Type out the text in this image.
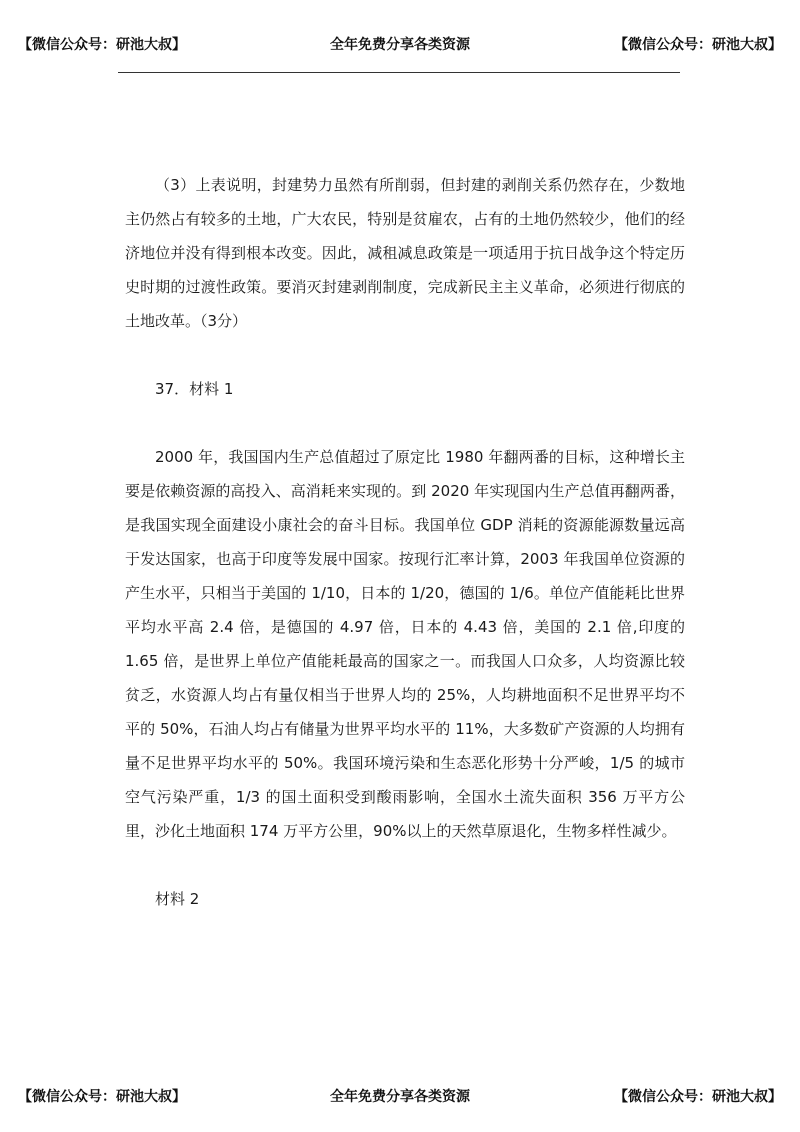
【微信公众号：研池大叔】	全年免费分享各类资源	【微信公众号：研池大叔】

（3）上表说明，封建势力虽然有所削弱，但封建的剥削关系仍然存在，少数地主仍然占有较多的土地，广大农民，特别是贫雇农，占有的土地仍然较少，他们的经济地位并没有得到根本改变。因此，减租减息政策是一项适用于抗日战争这个特定历史时期的过渡性政策。要消灭封建剥削制度，完成新民主主义革命，必须进行彻底的土地改革。（3分）

37．材料 1

2000 年，我国国内生产总值超过了原定比 1980 年翻两番的目标，这种增长主要是依赖资源的高投入、高消耗来实现的。到 2020 年实现国内生产总值再翻两番，是我国实现全面建设小康社会的奋斗目标。我国单位 GDP 消耗的资源能源数量远高于发达国家，也高于印度等发展中国家。按现行汇率计算，2003 年我国单位资源的产生水平，只相当于美国的 1/10，日本的 1/20，德国的 1/6。单位产值能耗比世界平均水平高 2.4 倍，是德国的 4.97 倍，日本的 4.43 倍，美国的 2.1 倍,印度的 1.65 倍，是世界上单位产值能耗最高的国家之一。而我国人口众多，人均资源比较贫乏，水资源人均占有量仅相当于世界人均的 25%，人均耕地面积不足世界平均不平的 50%，石油人均占有储量为世界平均水平的 11%，大多数矿产资源的人均拥有量不足世界平均水平的 50%。我国环境污染和生态恶化形势十分严峻，1/5 的城市空气污染严重，1/3 的国土面积受到酸雨影响，全国水土流失面积 356 万平方公里，沙化土地面积 174 万平方公里，90%以上的天然草原退化，生物多样性减少。

材料 2

【微信公众号：研池大叔】	全年免费分享各类资源	【微信公众号：研池大叔】
